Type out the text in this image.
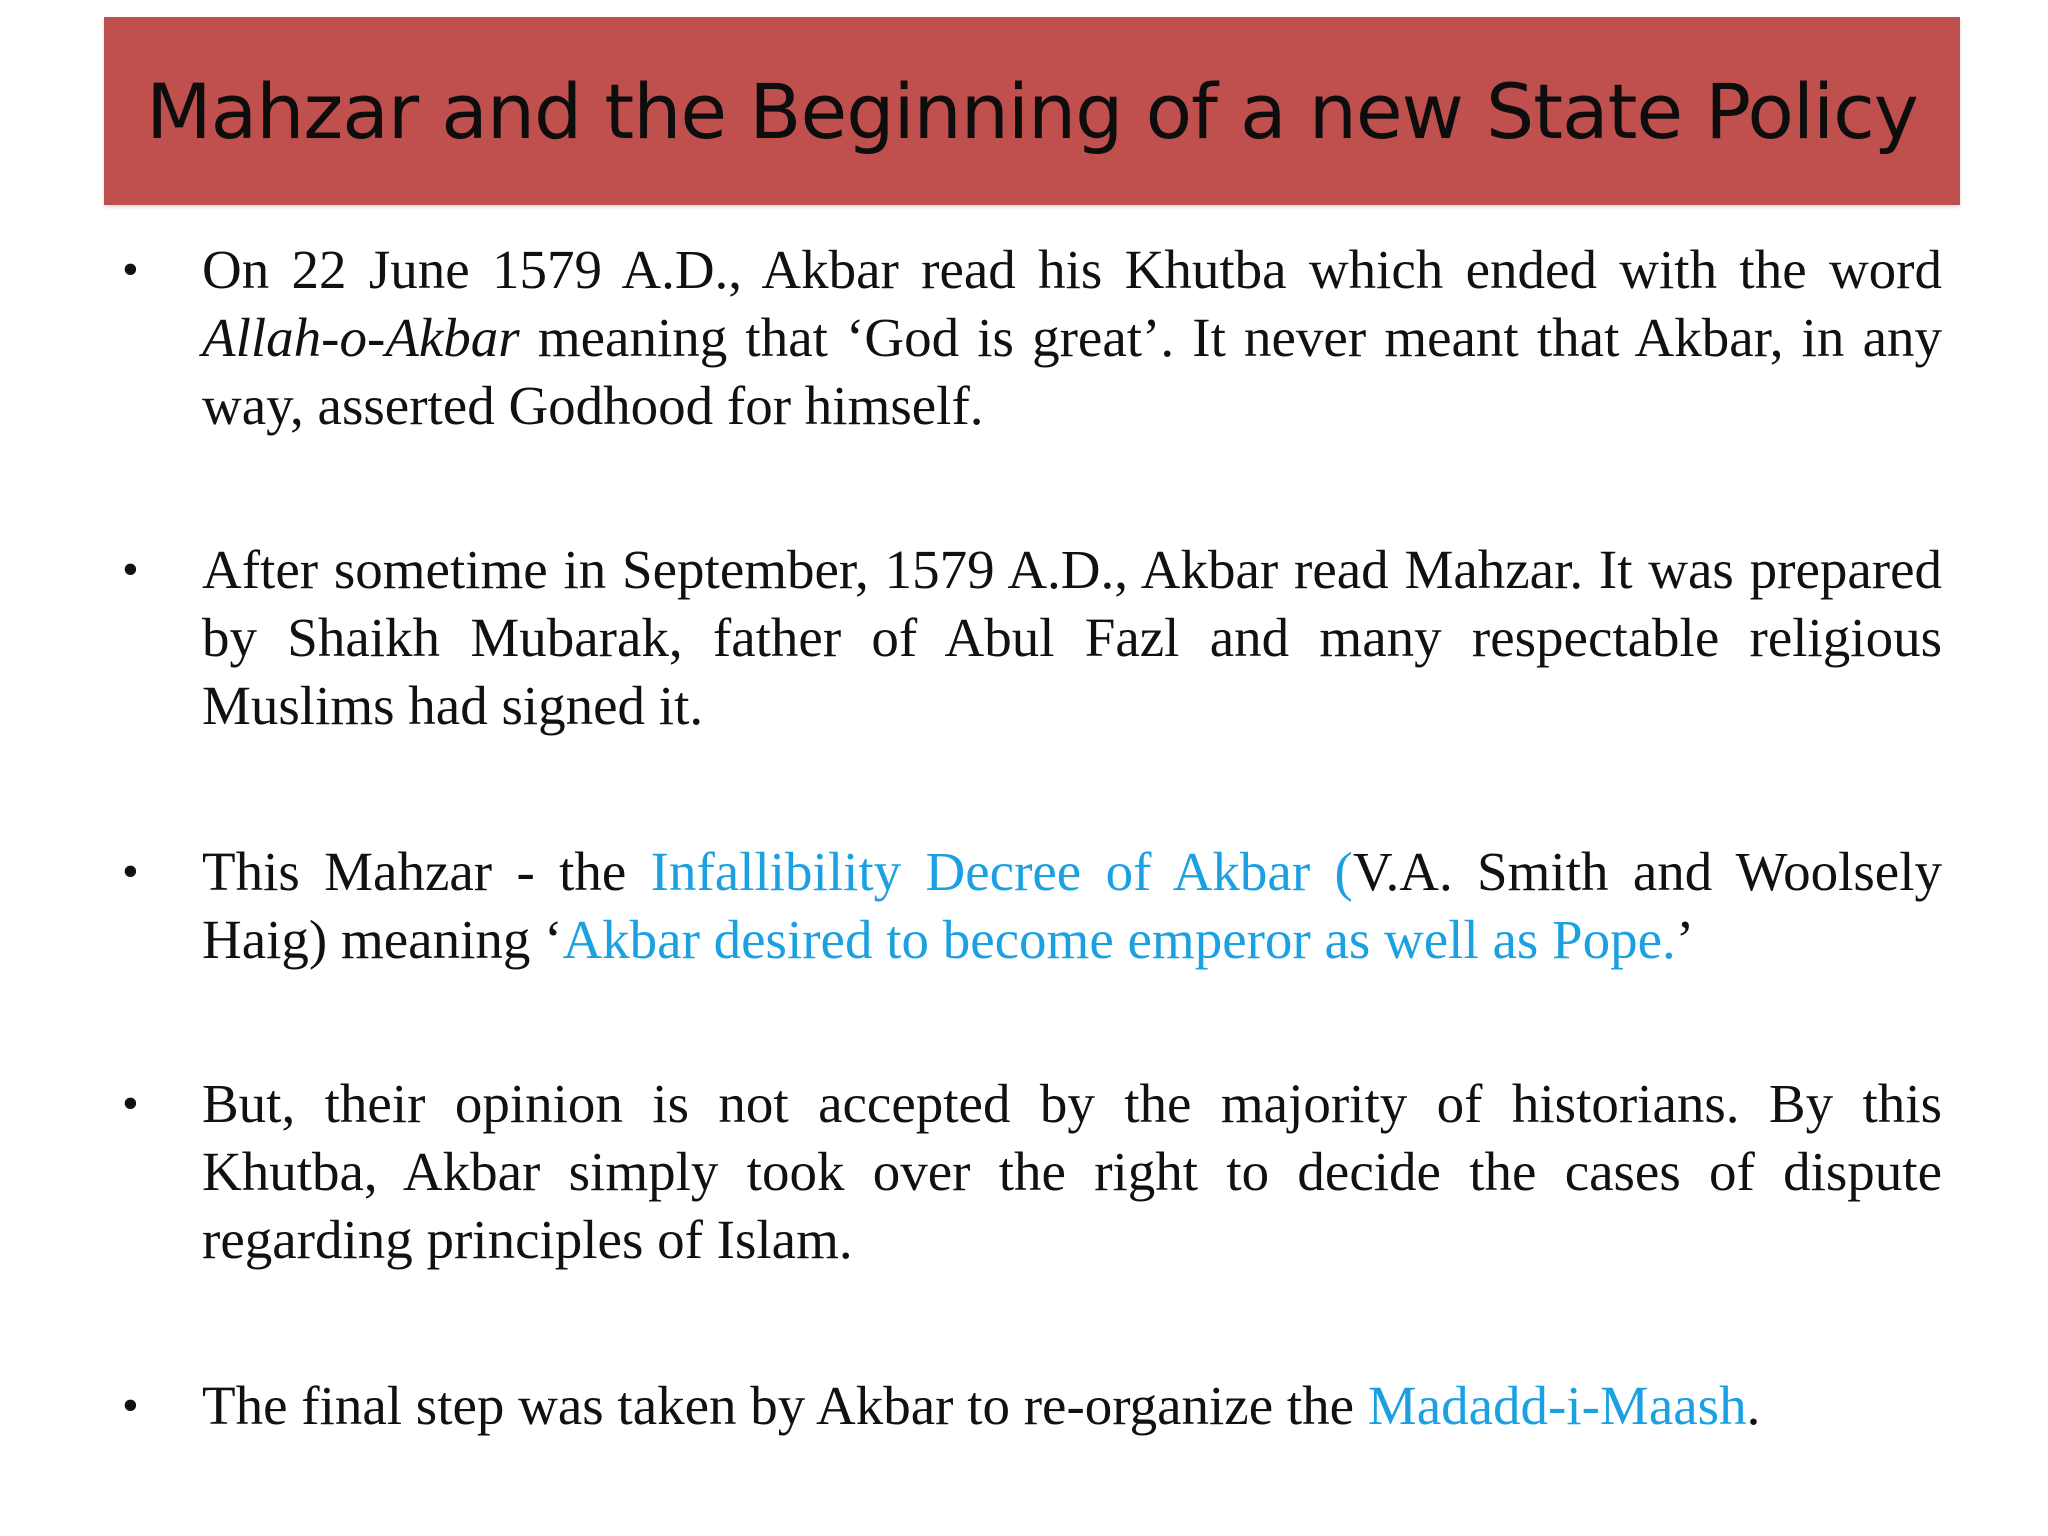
Mahzar and the Beginning of a new State Policy
• On 22 June 1579 A.D., Akbar read his Khutba which ended with the word Allah-o-Akbar meaning that ‘God is great’. It never meant that Akbar, in any way, asserted Godhood for himself.
• After sometime in September, 1579 A.D., Akbar read Mahzar. It was prepared by Shaikh Mubarak, father of Abul Fazl and many respectable religious Muslims had signed it.
• This Mahzar - the Infallibility Decree of Akbar (V.A. Smith and Woolsely Haig) meaning ‘Akbar desired to become emperor as well as Pope.’
• But, their opinion is not accepted by the majority of historians. By this Khutba, Akbar simply took over the right to decide the cases of dispute regarding principles of Islam.
• The final step was taken by Akbar to re-organize the Madadd-i-Maash.
